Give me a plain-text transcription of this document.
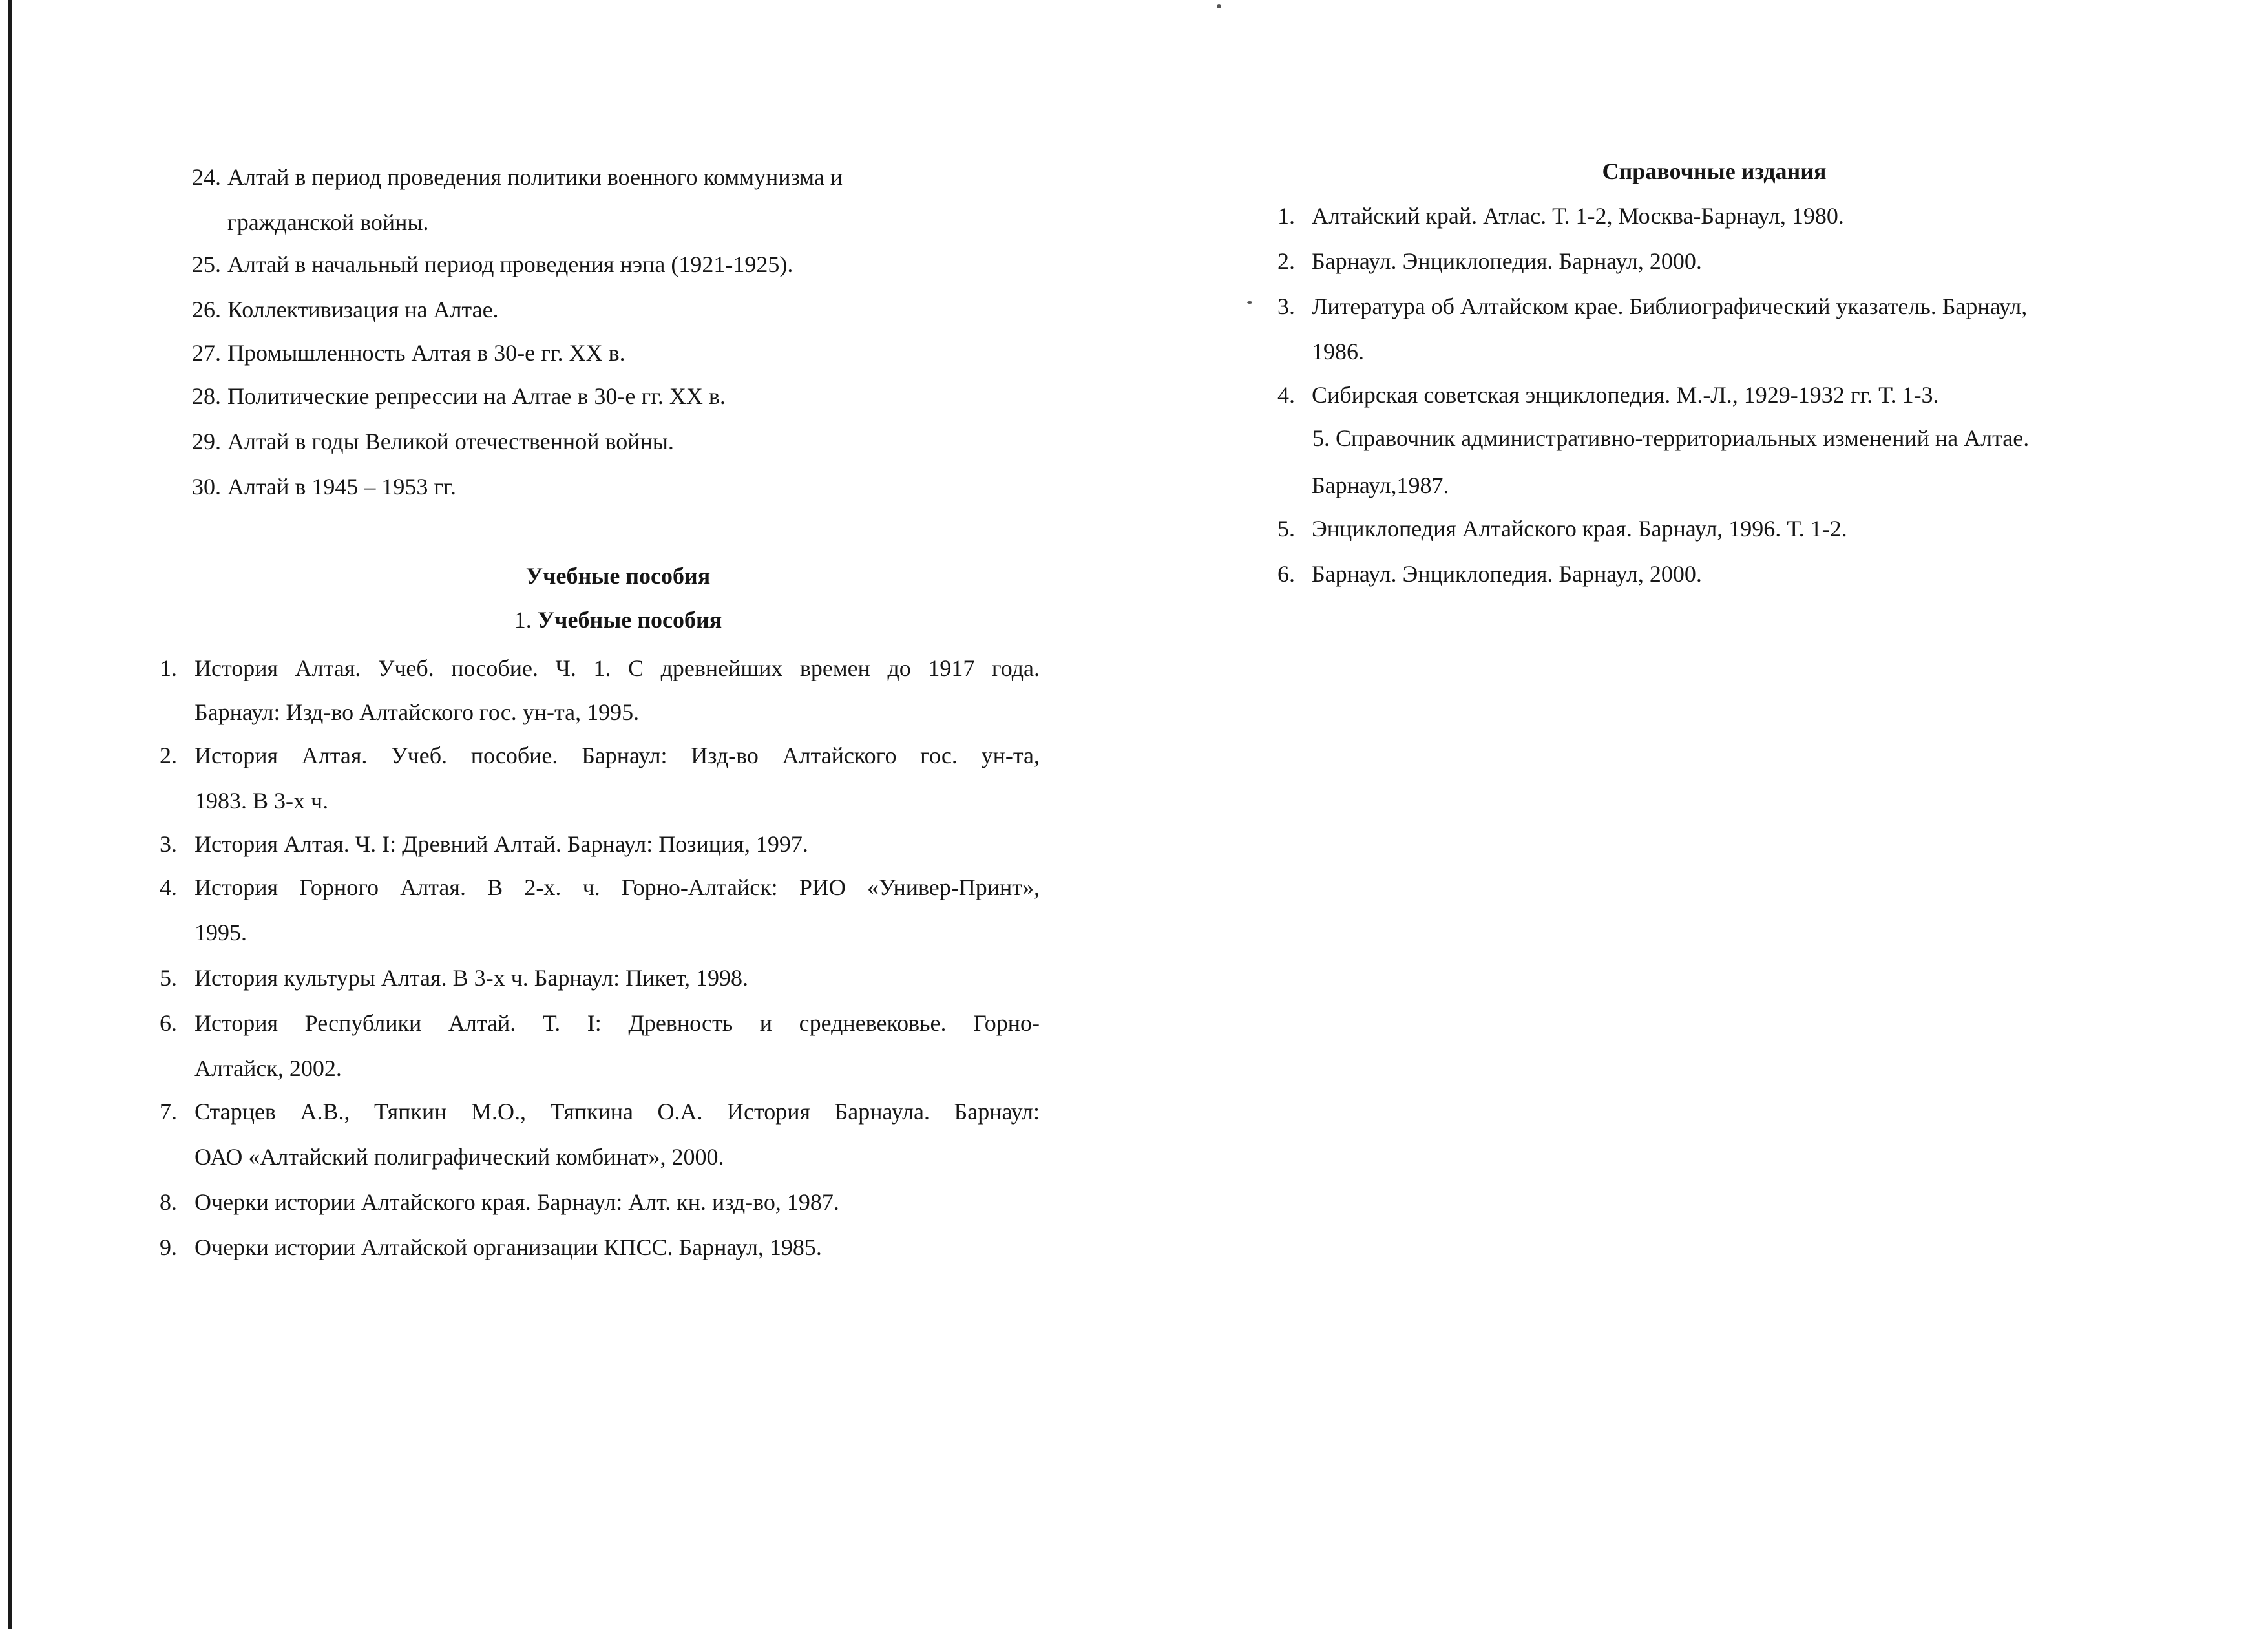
24. Алтай в период проведения политики военного коммунизма и
гражданской войны.
25. Алтай в начальный период проведения нэпа (1921-1925).
26. Коллективизация на Алтае.
27. Промышленность Алтая в 30-е гг. XX в.
28. Политические репрессии на Алтае в 30-е гг. XX в.
29. Алтай в годы Великой отечественной войны.
30. Алтай в 1945 – 1953 гг.
Учебные пособия
1. Учебные пособия
1. История Алтая. Учеб. пособие. Ч. 1. С древнейших времен до 1917 года.
Барнаул: Изд-во Алтайского гос. ун-та, 1995.
2. История Алтая. Учеб. пособие. Барнаул: Изд-во Алтайского гос. ун-та,
1983. В 3-х ч.
3. История Алтая. Ч. I: Древний Алтай. Барнаул: Позиция, 1997.
4. История Горного Алтая. В 2-х. ч. Горно-Алтайск: РИО «Универ-Принт»,
1995.
5. История культуры Алтая. В 3-х ч. Барнаул: Пикет, 1998.
6. История Республики Алтай. Т. I: Древность и средневековье. Горно-
Алтайск, 2002.
7. Старцев А.В., Тяпкин М.О., Тяпкина О.А. История Барнаула. Барнаул:
ОАО «Алтайский полиграфический комбинат», 2000.
8. Очерки истории Алтайского края. Барнаул: Алт. кн. изд-во, 1987.
9. Очерки истории Алтайской организации КПСС. Барнаул, 1985.
Справочные издания
1. Алтайский край. Атлас. Т. 1-2, Москва-Барнаул, 1980.
2. Барнаул. Энциклопедия. Барнаул, 2000.
3. Литература об Алтайском крае. Библиографический указатель. Барнаул,
1986.
4. Сибирская советская энциклопедия. М.-Л., 1929-1932 гг. Т. 1-3.
5. Справочник административно-территориальных изменений на Алтае.
Барнаул,1987.
5. Энциклопедия Алтайского края. Барнаул, 1996. Т. 1-2.
6. Барнаул. Энциклопедия. Барнаул, 2000.
